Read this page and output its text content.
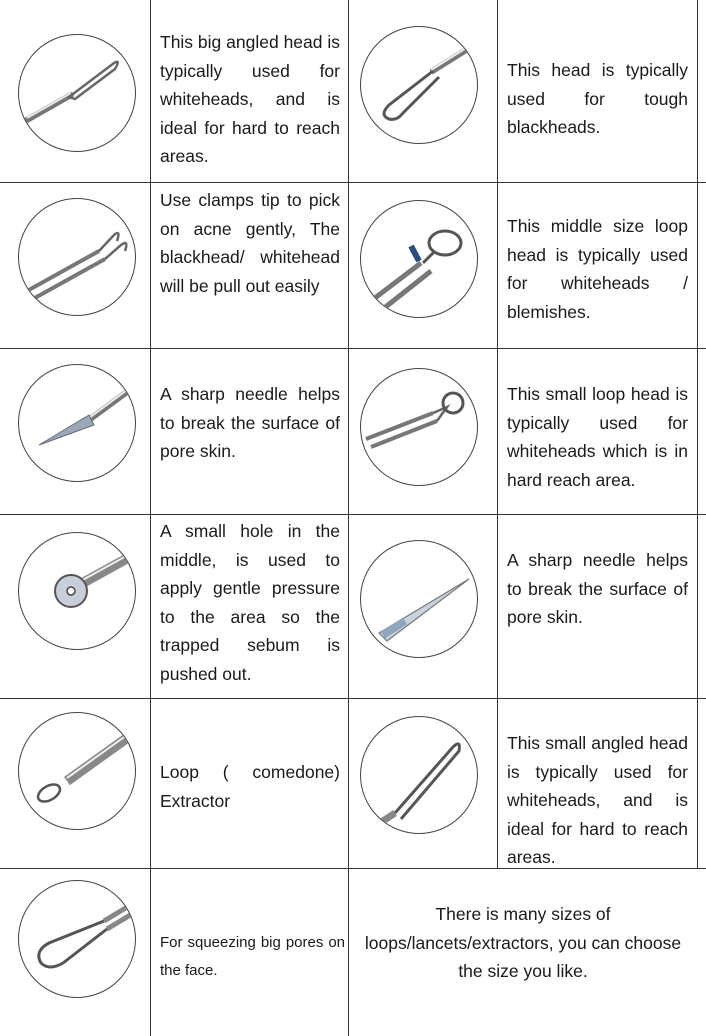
This big angled head is typically used for whiteheads, and is ideal for hard to reach areas.
This head is typically used for tough blackheads.
Use clamps tip to pick on acne gently, The blackhead/ whitehead will be pull out easily
This middle size loop head is typically used for whiteheads / blemishes.
A sharp needle helps to break the surface of pore skin.
This small loop head is typically used for whiteheads which is in hard reach area.
A small hole in the middle, is used to apply gentle pressure to the area so the trapped sebum is pushed out.
A sharp needle helps to break the surface of pore skin.
Loop ( comedone) Extractor
This small angled head is typically used for whiteheads, and is ideal for hard to reach areas.
For squeezing big pores on the face.
There is many sizes of loops/lancets/extractors, you can choose the size you like.
